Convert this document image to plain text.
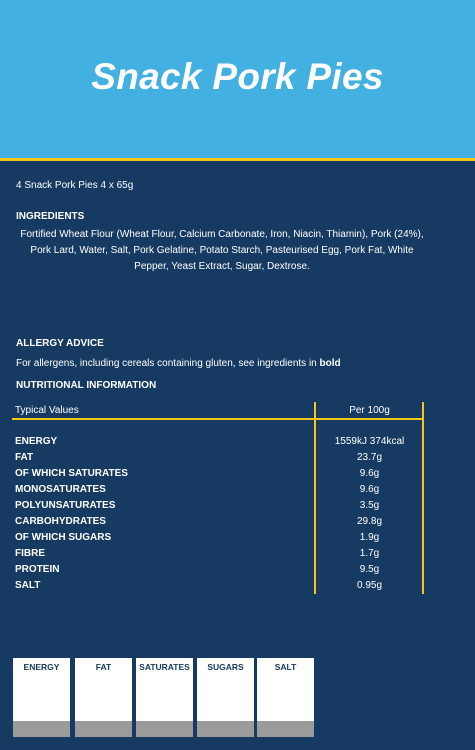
Snack Pork Pies
4 Snack Pork Pies 4 x 65g
INGREDIENTS
Fortified Wheat Flour (Wheat Flour, Calcium Carbonate, Iron, Niacin, Thiamin), Pork (24%), Pork Lard, Water, Salt, Pork Gelatine, Potato Starch, Pasteurised Egg, Pork Fat, White Pepper, Yeast Extract, Sugar, Dextrose.
ALLERGY ADVICE
For allergens, including cereals containing gluten, see ingredients in bold
NUTRITIONAL INFORMATION
Typical Values	Per 100g
ENERGY	1559kJ 374kcal
FAT	23.7g
OF WHICH SATURATES	9.6g
MONOSATURATES	9.6g
POLYUNSATURATES	3.5g
CARBOHYDRATES	29.8g
OF WHICH SUGARS	1.9g
FIBRE	1.7g
PROTEIN	9.5g
SALT	0.95g
ENERGY	FAT	SATURATES	SUGARS	SALT
